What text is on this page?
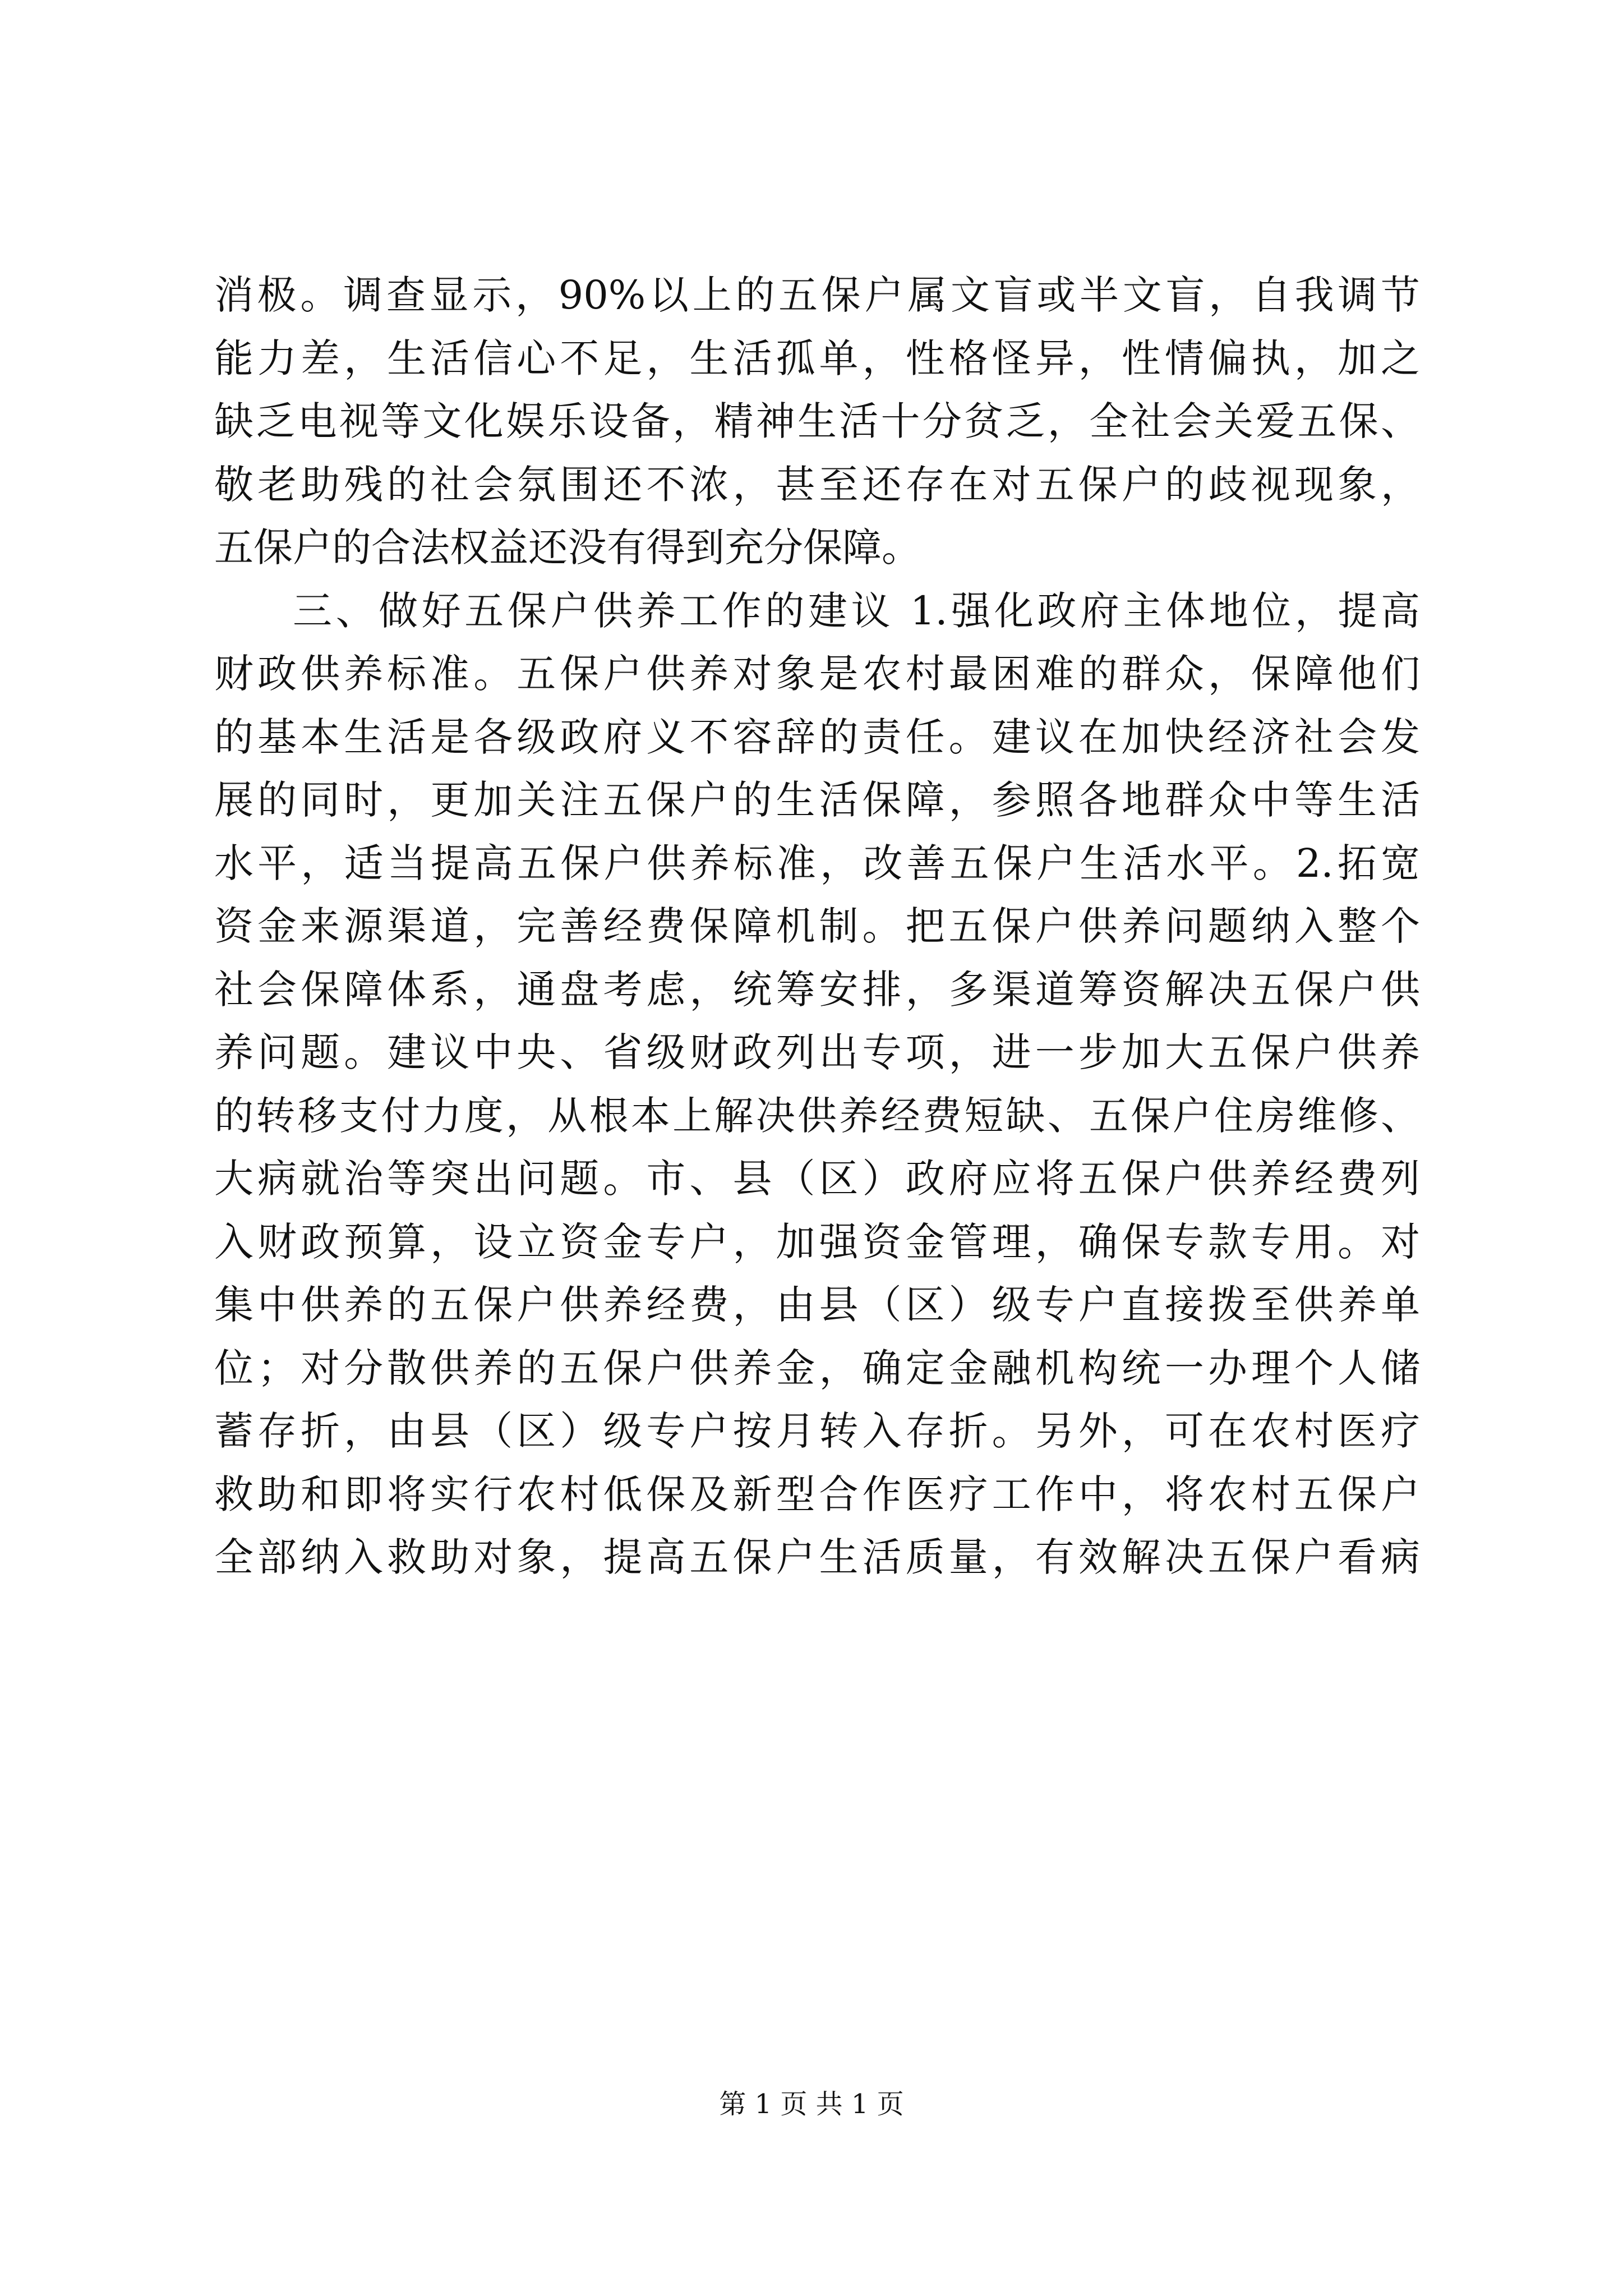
消极。调查显示，90%以上的五保户属文盲或半文盲，自我调节
能力差，生活信心不足，生活孤单，性格怪异，性情偏执，加之
缺乏电视等文化娱乐设备，精神生活十分贫乏，全社会关爱五保、
敬老助残的社会氛围还不浓，甚至还存在对五保户的歧视现象，
五保户的合法权益还没有得到充分保障。
三、做好五保户供养工作的建议 1.强化政府主体地位，提高
财政供养标准。五保户供养对象是农村最困难的群众，保障他们
的基本生活是各级政府义不容辞的责任。建议在加快经济社会发
展的同时，更加关注五保户的生活保障，参照各地群众中等生活
水平，适当提高五保户供养标准，改善五保户生活水平。2.拓宽
资金来源渠道，完善经费保障机制。把五保户供养问题纳入整个
社会保障体系，通盘考虑，统筹安排，多渠道筹资解决五保户供
养问题。建议中央、省级财政列出专项，进一步加大五保户供养
的转移支付力度，从根本上解决供养经费短缺、五保户住房维修、
大病就治等突出问题。市、县（区）政府应将五保户供养经费列
入财政预算，设立资金专户，加强资金管理，确保专款专用。对
集中供养的五保户供养经费，由县（区）级专户直接拨至供养单
位；对分散供养的五保户供养金，确定金融机构统一办理个人储
蓄存折，由县（区）级专户按月转入存折。另外，可在农村医疗
救助和即将实行农村低保及新型合作医疗工作中，将农村五保户
全部纳入救助对象，提高五保户生活质量，有效解决五保户看病
第 1 页 共 1 页
